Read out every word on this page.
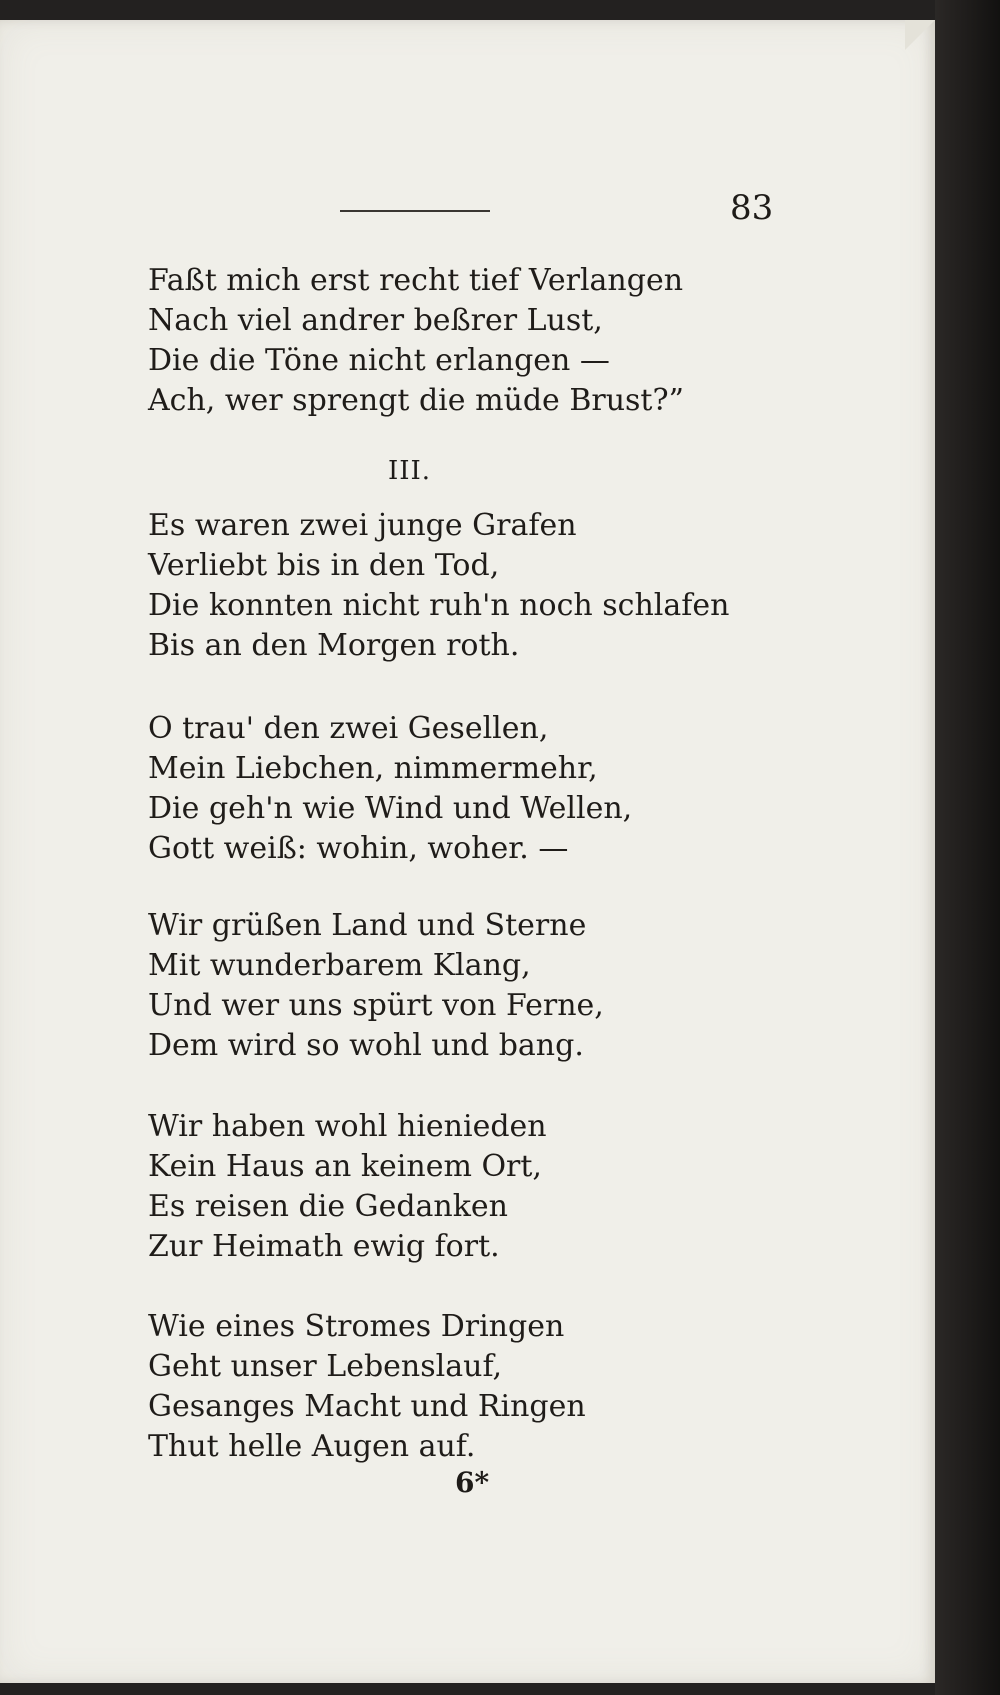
83
Faßt mich erst recht tief Verlangen
Nach viel andrer beßrer Lust,
Die die Töne nicht erlangen —
Ach, wer sprengt die müde Brust?”
III.
Es waren zwei junge Grafen
Verliebt bis in den Tod,
Die konnten nicht ruh'n noch schlafen
Bis an den Morgen roth.
O trau' den zwei Gesellen,
Mein Liebchen, nimmermehr,
Die geh'n wie Wind und Wellen,
Gott weiß: wohin, woher. —
Wir grüßen Land und Sterne
Mit wunderbarem Klang,
Und wer uns spürt von Ferne,
Dem wird so wohl und bang.
Wir haben wohl hienieden
Kein Haus an keinem Ort,
Es reisen die Gedanken
Zur Heimath ewig fort.
Wie eines Stromes Dringen
Geht unser Lebenslauf,
Gesanges Macht und Ringen
Thut helle Augen auf.
6*
